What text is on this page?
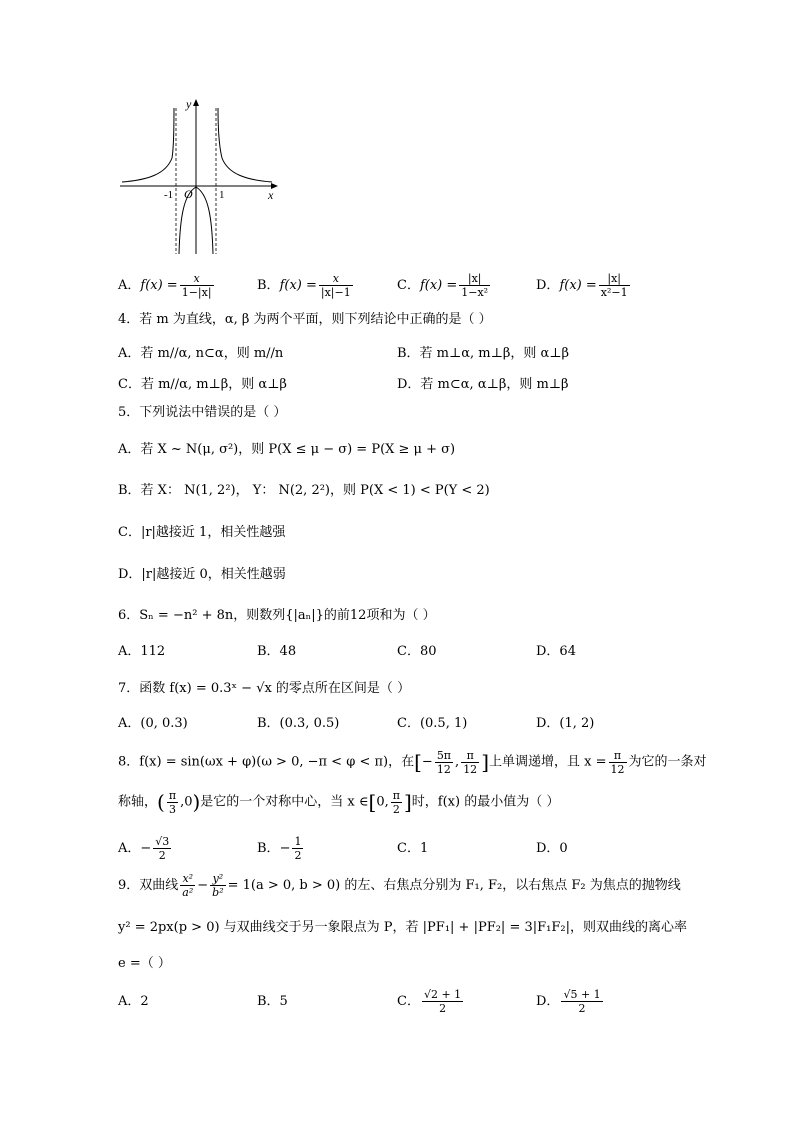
x
y
O
-1	1
A．$f(x) = \frac{x}{1-|x|}$	B．$f(x) = \frac{x}{|x|-1}$	C．$f(x) = \frac{|x|}{\text{1−x²}}$	D．$f(x) = \frac{|x|}{\text{x²−1}}$
4．若 m 为直线，α, β 为两个平面，则下列结论中正确的是（ ）
A．若 m//α, n⊂α，则 m//n	B．若 m⊥α, m⊥β，则 α⊥β
C．若 m//α, m⊥β，则 α⊥β	D．若 m⊂α, α⊥β，则 m⊥β
5．下列说法中错误的是（ ）
A．若 X ~ N(μ, σ²)，则 P(X ≤ μ − σ) = P(X ≥ μ + σ)
B．若 X： N(1, 2²)， Y： N(2, 2²)，则 P(X < 1) < P(Y < 2)
C．|r|越接近 1，相关性越强
D．|r|越接近 0，相关性越弱
6．Sₙ = −n² + 8n，则数列{|aₙ|}的前12项和为（ ）
A．112	B．48	C．80	D．64
7．函数 f(x) = 0.3ˣ − √x 的零点所在区间是（ ）
A．(0, 0.3)	B．(0.3, 0.5)	C．(0.5, 1)	D．(1, 2)
8．f(x) = sin(ωx + φ)(ω > 0, −π < φ < π)，在[− $\frac{5\pi}{12}$ , $\frac{\pi}{12}$ ]上单调递增，且 $x = \frac{\pi}{12}$ 为它的一条对
称轴，( $\frac{\pi}{3} ,0$)是它的一个对称中心，当 x ∈[0, $\frac{\pi}{2}$ ]时，f(x) 的最小值为（ ）
A．− $\frac{√3}{2}$	B．− $\frac{1}{2}$	C．1	D．0
9．双曲线 $\frac{\text{x²}}{\text{a²}} - \frac{\text{y²}}{\text{b²}} = 1(a > 0$, b > 0) 的左、右焦点分别为 F₁, F₂，以右焦点 F₂ 为焦点的抛物线
y² = 2px(p > 0) 与双曲线交于另一象限点为 P，若 |PF₁| + |PF₂| = 3|F₁F₂|，则双曲线的离心率
e =（ ）
A．2	B．5	C． $\frac{√2 + 1}{2}$	D． $\frac{√5 + 1}{2}$
